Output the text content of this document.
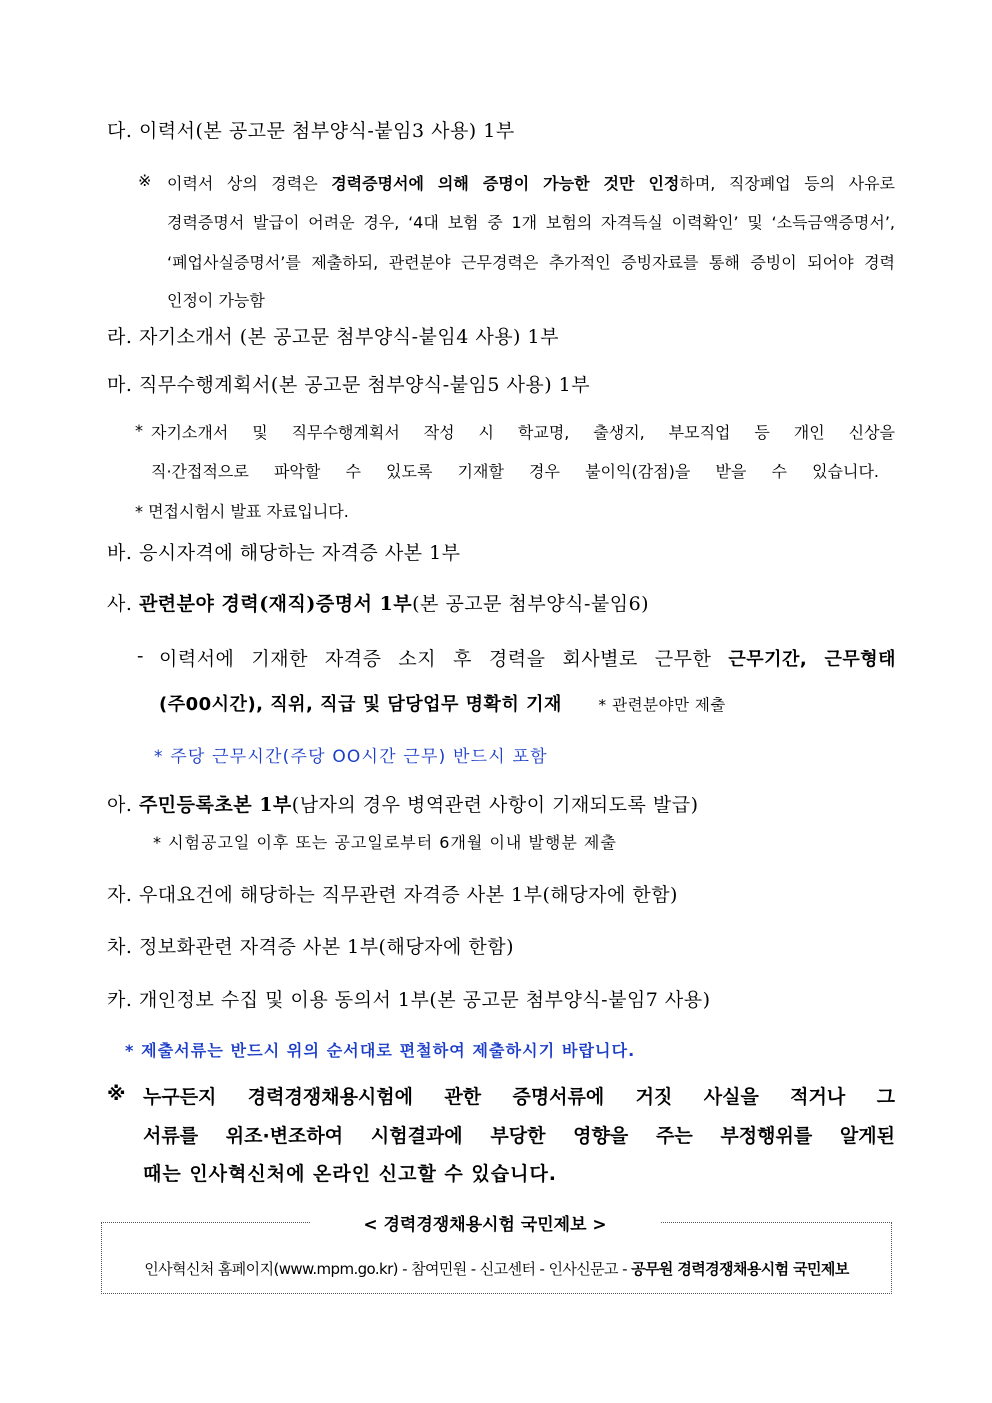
다. 이력서(본 공고문 첨부양식-붙임3 사용) 1부
※ 이력서 상의 경력은 경력증명서에 의해 증명이 가능한 것만 인정하며, 직장폐업 등의 사유로
경력증명서 발급이 어려운 경우, ‘4대 보험 중 1개 보험의 자격득실 이력확인’ 및 ‘소득금액증명서’,
‘폐업사실증명서’를 제출하되, 관련분야 근무경력은 추가적인 증빙자료를 통해 증빙이 되어야 경력
인정이 가능함
라. 자기소개서 (본 공고문 첨부양식-붙임4 사용) 1부
마. 직무수행계획서(본 공고문 첨부양식-붙임5 사용) 1부
* 자기소개서 및 직무수행계획서 작성 시 학교명, 출생지, 부모직업 등 개인 신상을
직·간접적으로 파악할 수 있도록 기재할 경우 불이익(감점)을 받을 수 있습니다.
* 면접시험시 발표 자료입니다.
바. 응시자격에 해당하는 자격증 사본 1부
사. 관련분야 경력(재직)증명서 1부(본 공고문 첨부양식-붙임6)
- 이력서에 기재한 자격증 소지 후 경력을 회사별로 근무한 근무기간, 근무형태
(주00시간), 직위, 직급 및 담당업무 명확히 기재 * 관련분야만 제출
* 주당 근무시간(주당 OO시간 근무) 반드시 포함
아. 주민등록초본 1부(남자의 경우 병역관련 사항이 기재되도록 발급)
* 시험공고일 이후 또는 공고일로부터 6개월 이내 발행분 제출
자. 우대요건에 해당하는 직무관련 자격증 사본 1부(해당자에 한함)
차. 정보화관련 자격증 사본 1부(해당자에 한함)
카. 개인정보 수집 및 이용 동의서 1부(본 공고문 첨부양식-붙임7 사용)
* 제출서류는 반드시 위의 순서대로 편철하여 제출하시기 바랍니다.
※ 누구든지 경력경쟁채용시험에 관한 증명서류에 거짓 사실을 적거나 그
서류를 위조·변조하여 시험결과에 부당한 영향을 주는 부정행위를 알게된
때는 인사혁신처에 온라인 신고할 수 있습니다.
< 경력경쟁채용시험 국민제보 >
인사혁신처 홈페이지(www.mpm.go.kr) - 참여민원 - 신고센터 - 인사신문고 - 공무원 경력경쟁채용시험 국민제보
